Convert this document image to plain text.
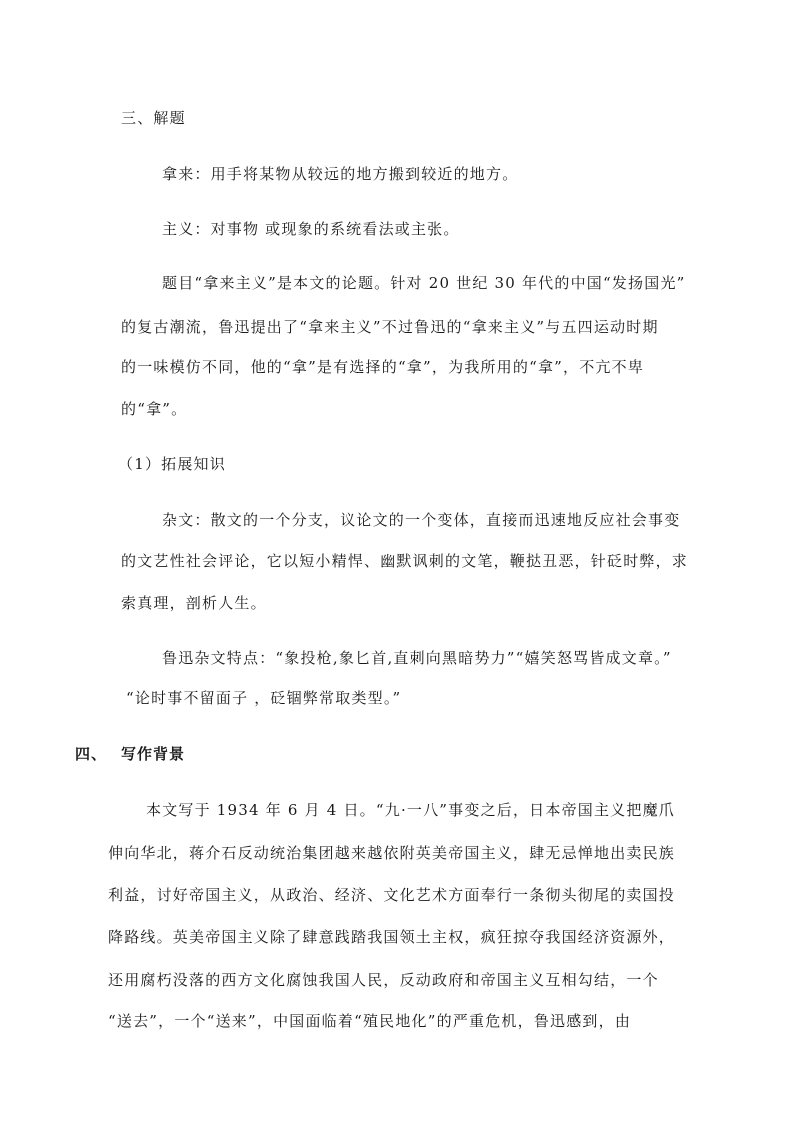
三、解题
拿来：用手将某物从较远的地方搬到较近的地方。
主义：对事物 或现象的系统看法或主张。
题目“拿来主义”是本文的论题。针对 20 世纪 30 年代的中国“发扬国光”
的复古潮流，鲁迅提出了“拿来主义”不过鲁迅的“拿来主义”与五四运动时期
的一味模仿不同，他的“拿”是有选择的“拿”，为我所用的“拿”，不亢不卑
的“拿”。
（1）拓展知识
杂文：散文的一个分支，议论文的一个变体，直接而迅速地反应社会事变
的文艺性社会评论，它以短小精悍、幽默讽刺的文笔，鞭挞丑恶，针砭时弊，求
索真理，剖析人生。
鲁迅杂文特点：“象投枪,象匕首,直刺向黑暗势力”“嬉笑怒骂皆成文章。”
“论时事不留面子 ，砭锢弊常取类型。”
四、 写作背景
本文写于 1934 年 6 月 4 日。“九·一八”事变之后，日本帝国主义把魔爪
伸向华北，蒋介石反动统治集团越来越依附英美帝国主义，肆无忌惮地出卖民族
利益，讨好帝国主义，从政治、经济、文化艺术方面奉行一条彻头彻尾的卖国投
降路线。英美帝国主义除了肆意践踏我国领土主权，疯狂掠夺我国经济资源外，
还用腐朽没落的西方文化腐蚀我国人民，反动政府和帝国主义互相勾结，一个
“送去”，一个“送来”，中国面临着“殖民地化”的严重危机，鲁迅感到，由
